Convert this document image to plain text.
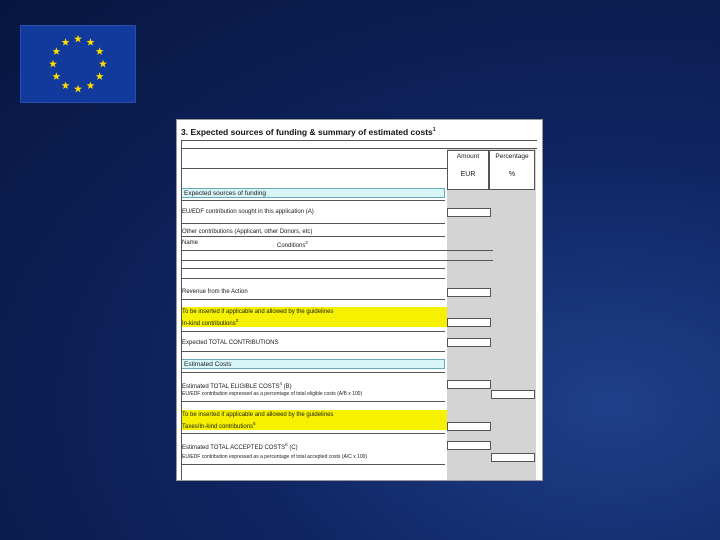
3. Expected sources of funding & summary of estimated costs$^1$
Amount
EUR
Percentage
%
Expected sources of funding
EU/EDF contribution sought in this application (A)
Other contributions (Applicant, other Donors, etc)
Name	Conditions$^2$
Revenue from the Action
To be inserted if applicable and allowed by the guidelines
In-kind contributions$^3$
Expected TOTAL CONTRIBUTIONS
Estimated Costs
Estimated TOTAL ELIGIBLE COSTS$^4$ (B)
EU/EDF contribution expressed as a percentage of total eligible costs (A/B x 100)
To be inserted if applicable and allowed by the guidelines
Taxes/In-kind contributions$^5$
Estimated TOTAL ACCEPTED COSTS$^6$ (C)
EU/EDF contribution expressed as a percentage of total accepted costs (A/C x 100)
